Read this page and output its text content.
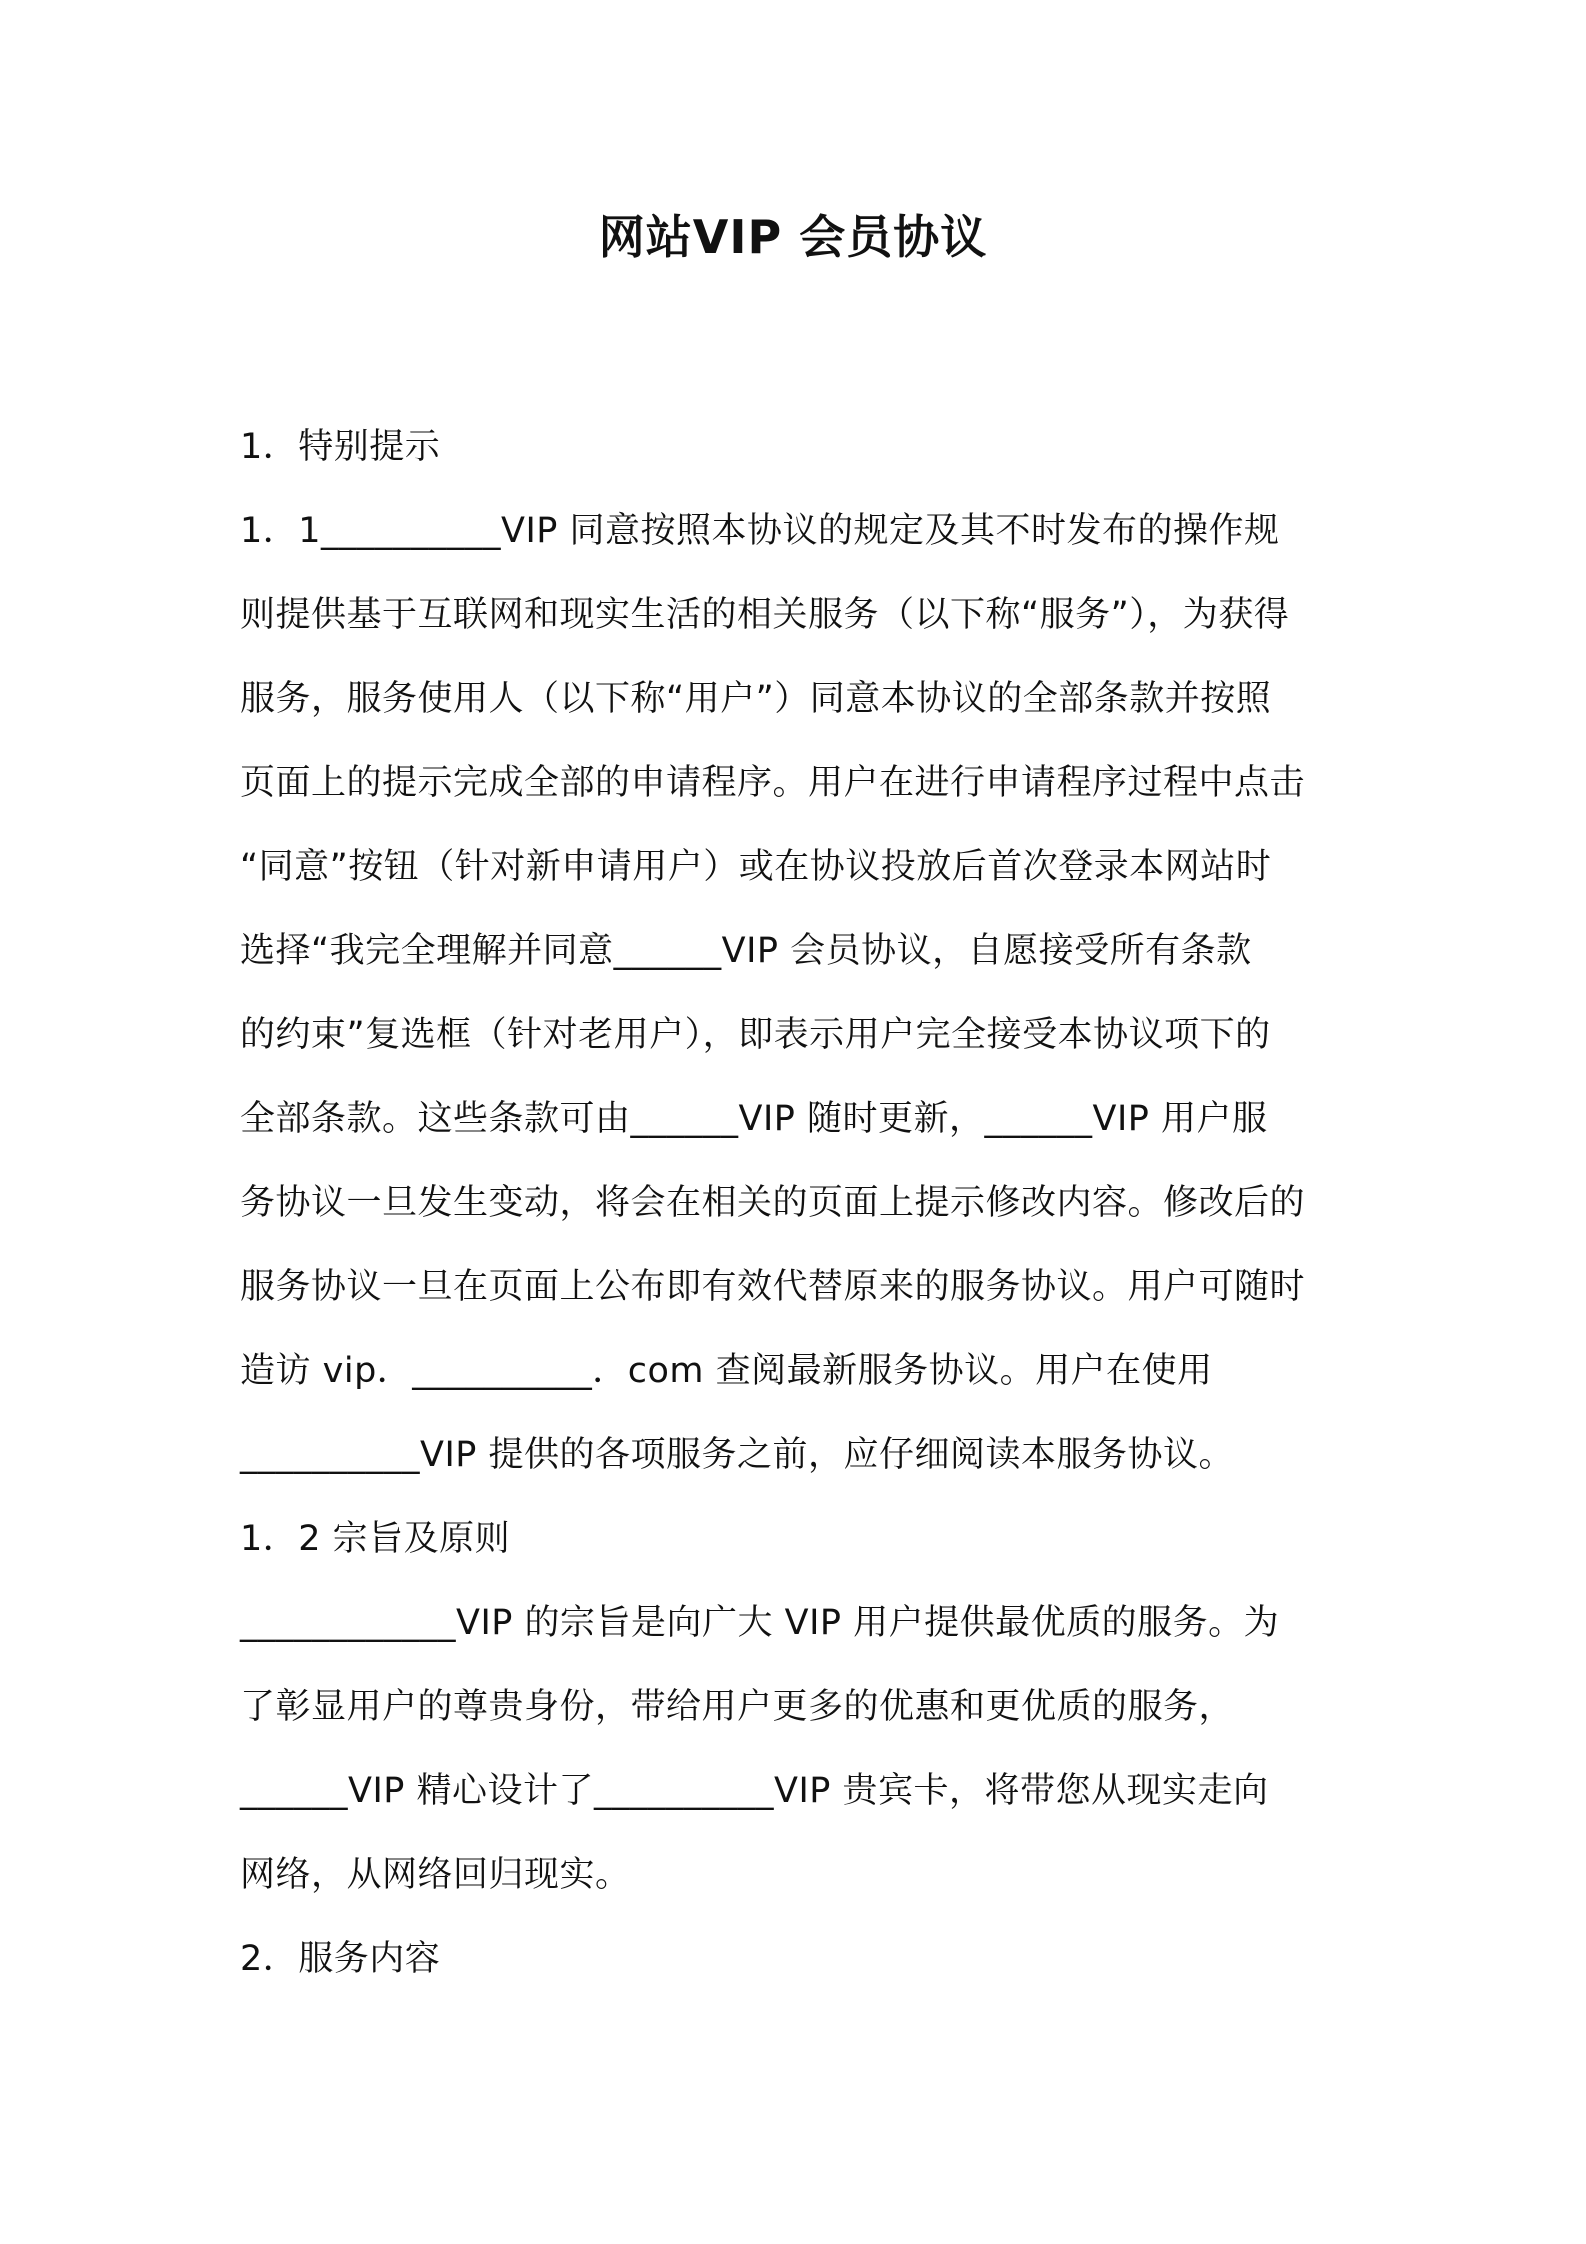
网站VIP 会员协议
1．特别提示
1．1__________VIP 同意按照本协议的规定及其不时发布的操作规
则提供基于互联网和现实生活的相关服务（以下称“服务”），为获得
服务，服务使用人（以下称“用户”）同意本协议的全部条款并按照
页面上的提示完成全部的申请程序。用户在进行申请程序过程中点击
“同意”按钮（针对新申请用户）或在协议投放后首次登录本网站时
选择“我完全理解并同意______VIP 会员协议，自愿接受所有条款
的约束”复选框（针对老用户），即表示用户完全接受本协议项下的
全部条款。这些条款可由______VIP 随时更新，______VIP 用户服
务协议一旦发生变动，将会在相关的页面上提示修改内容。修改后的
服务协议一旦在页面上公布即有效代替原来的服务协议。用户可随时
造访 vip．__________．com 查阅最新服务协议。用户在使用
__________VIP 提供的各项服务之前，应仔细阅读本服务协议。
1．2 宗旨及原则
____________VIP 的宗旨是向广大 VIP 用户提供最优质的服务。为
了彰显用户的尊贵身份，带给用户更多的优惠和更优质的服务，
______VIP 精心设计了__________VIP 贵宾卡，将带您从现实走向
网络，从网络回归现实。
2．服务内容
